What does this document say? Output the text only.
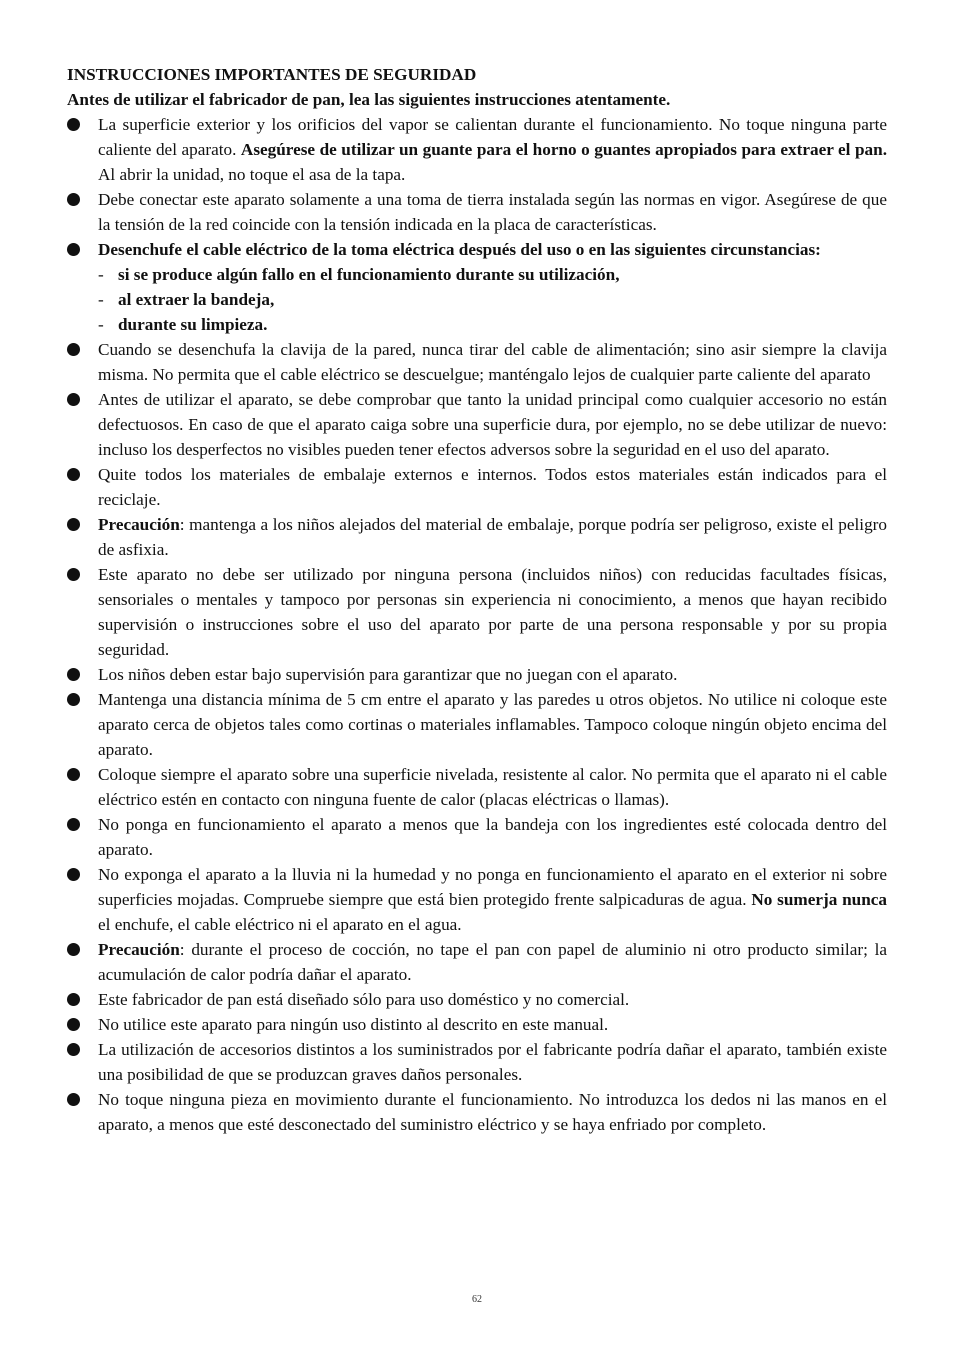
INSTRUCCIONES IMPORTANTES DE SEGURIDAD

Antes de utilizar el fabricador de pan, lea las siguientes instrucciones atentamente.

La superficie exterior y los orificios del vapor se calientan durante el funcionamiento. No toque ninguna parte caliente del aparato. Asegúrese de utilizar un guante para el horno o guantes apropiados para extraer el pan. Al abrir la unidad, no toque el asa de la tapa.
Debe conectar este aparato solamente a una toma de tierra instalada según las normas en vigor. Asegúrese de que la tensión de la red coincide con la tensión indicada en la placa de características.
Desenchufe el cable eléctrico de la toma eléctrica después del uso o en las siguientes circunstancias:
- si se produce algún fallo en el funcionamiento durante su utilización,
- al extraer la bandeja,
- durante su limpieza.
Cuando se desenchufa la clavija de la pared, nunca tirar del cable de alimentación; sino asir siempre la clavija misma. No permita que el cable eléctrico se descuelgue; manténgalo lejos de cualquier parte caliente del aparato
Antes de utilizar el aparato, se debe comprobar que tanto la unidad principal como cualquier accesorio no están defectuosos. En caso de que el aparato caiga sobre una superficie dura, por ejemplo, no se debe utilizar de nuevo: incluso los desperfectos no visibles pueden tener efectos adversos sobre la seguridad en el uso del aparato.
Quite todos los materiales de embalaje externos e internos. Todos estos materiales están indicados para el reciclaje.
Precaución: mantenga a los niños alejados del material de embalaje, porque podría ser peligroso, existe el peligro de asfixia.
Este aparato no debe ser utilizado por ninguna persona (incluidos niños) con reducidas facultades físicas, sensoriales o mentales y tampoco por personas sin experiencia ni conocimiento, a menos que hayan recibido supervisión o instrucciones sobre el uso del aparato por parte de una persona responsable y por su propia seguridad.
Los niños deben estar bajo supervisión para garantizar que no juegan con el aparato.
Mantenga una distancia mínima de 5 cm entre el aparato y las paredes u otros objetos. No utilice ni coloque este aparato cerca de objetos tales como cortinas o materiales inflamables. Tampoco coloque ningún objeto encima del aparato.
Coloque siempre el aparato sobre una superficie nivelada, resistente al calor. No permita que el aparato ni el cable eléctrico estén en contacto con ninguna fuente de calor (placas eléctricas o llamas).
No ponga en funcionamiento el aparato a menos que la bandeja con los ingredientes esté colocada dentro del aparato.
No exponga el aparato a la lluvia ni la humedad y no ponga en funcionamiento el aparato en el exterior ni sobre superficies mojadas. Compruebe siempre que está bien protegido frente salpicaduras de agua. No sumerja nunca el enchufe, el cable eléctrico ni el aparato en el agua.
Precaución: durante el proceso de cocción, no tape el pan con papel de aluminio ni otro producto similar; la acumulación de calor podría dañar el aparato.
Este fabricador de pan está diseñado sólo para uso doméstico y no comercial.
No utilice este aparato para ningún uso distinto al descrito en este manual.
La utilización de accesorios distintos a los suministrados por el fabricante podría dañar el aparato, también existe una posibilidad de que se produzcan graves daños personales.
No toque ninguna pieza en movimiento durante el funcionamiento. No introduzca los dedos ni las manos en el aparato, a menos que esté desconectado del suministro eléctrico y se haya enfriado por completo.
62
